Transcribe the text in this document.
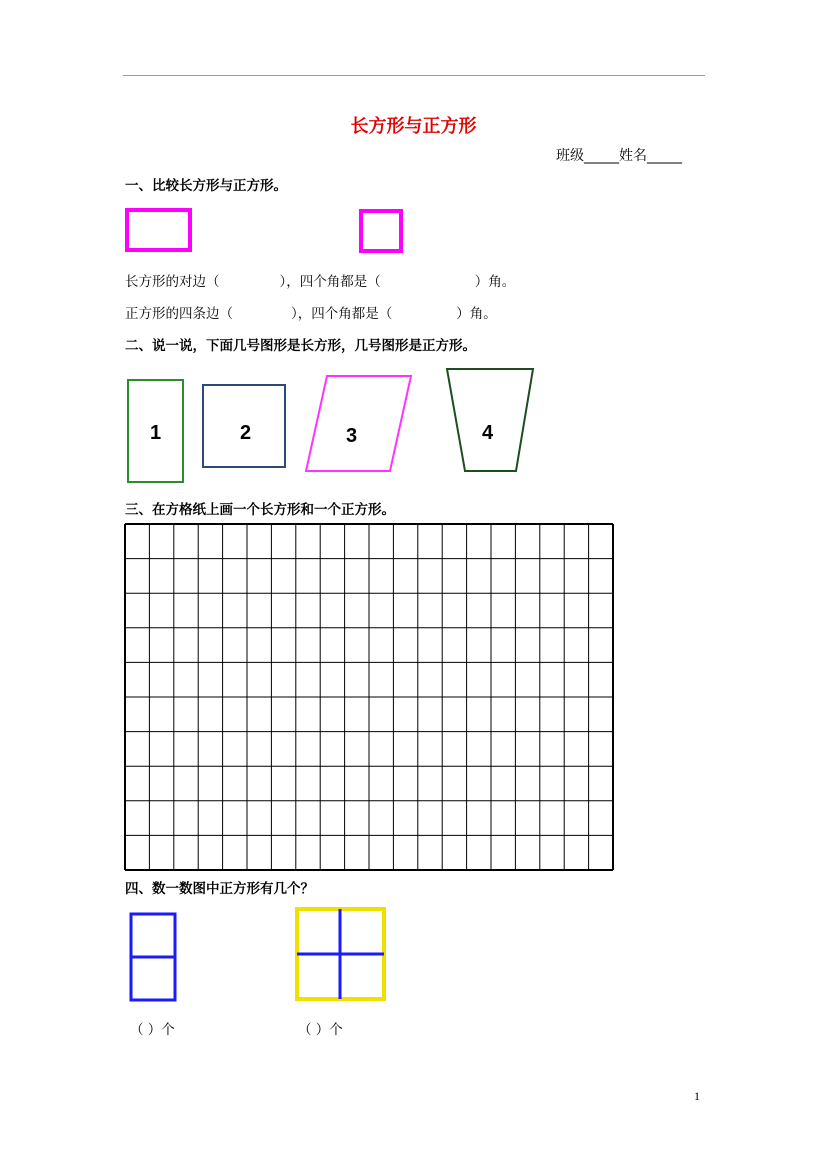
长方形与正方形
班级_____姓名_____
一、比较长方形与正方形。
长方形的对边（	），四个角都是（	）角。
正方形的四条边（	），四个角都是（	）角。
二、说一说，下面几号图形是长方形，几号图形是正方形。
1	2	3	4
三、在方格纸上画一个长方形和一个正方形。
四、数一数图中正方形有几个？
（ ）个	（ ）个
1
